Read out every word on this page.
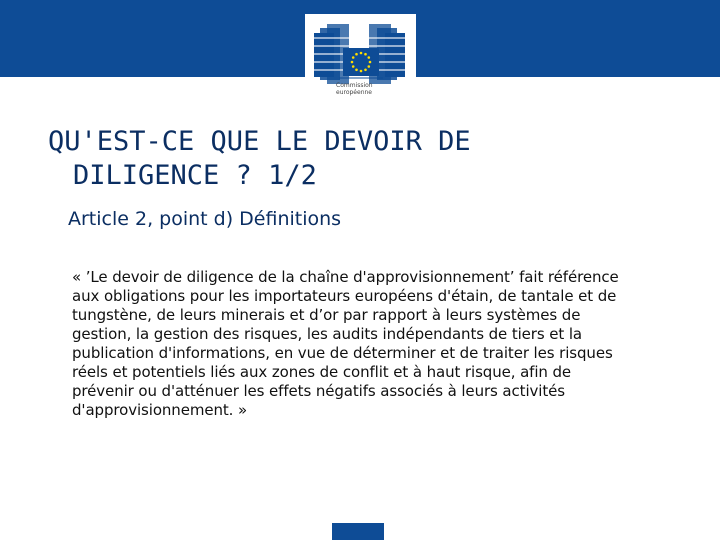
Commission
européenne
QU'EST-CE QUE LE DEVOIR DE
DILIGENCE ? 1/2
Article 2, point d) Définitions

« ’Le devoir de diligence de la chaîne d'approvisionnement’ fait référence aux obligations pour les importateurs européens d'étain, de tantale et de tungstène, de leurs minerais et d’or par rapport à leurs systèmes de gestion, la gestion des risques, les audits indépendants de tiers et la publication d'informations, en vue de déterminer et de traiter les risques réels et potentiels liés aux zones de conflit et à haut risque, afin de prévenir ou d'atténuer les effets négatifs associés à leurs activités d'approvisionnement. »
